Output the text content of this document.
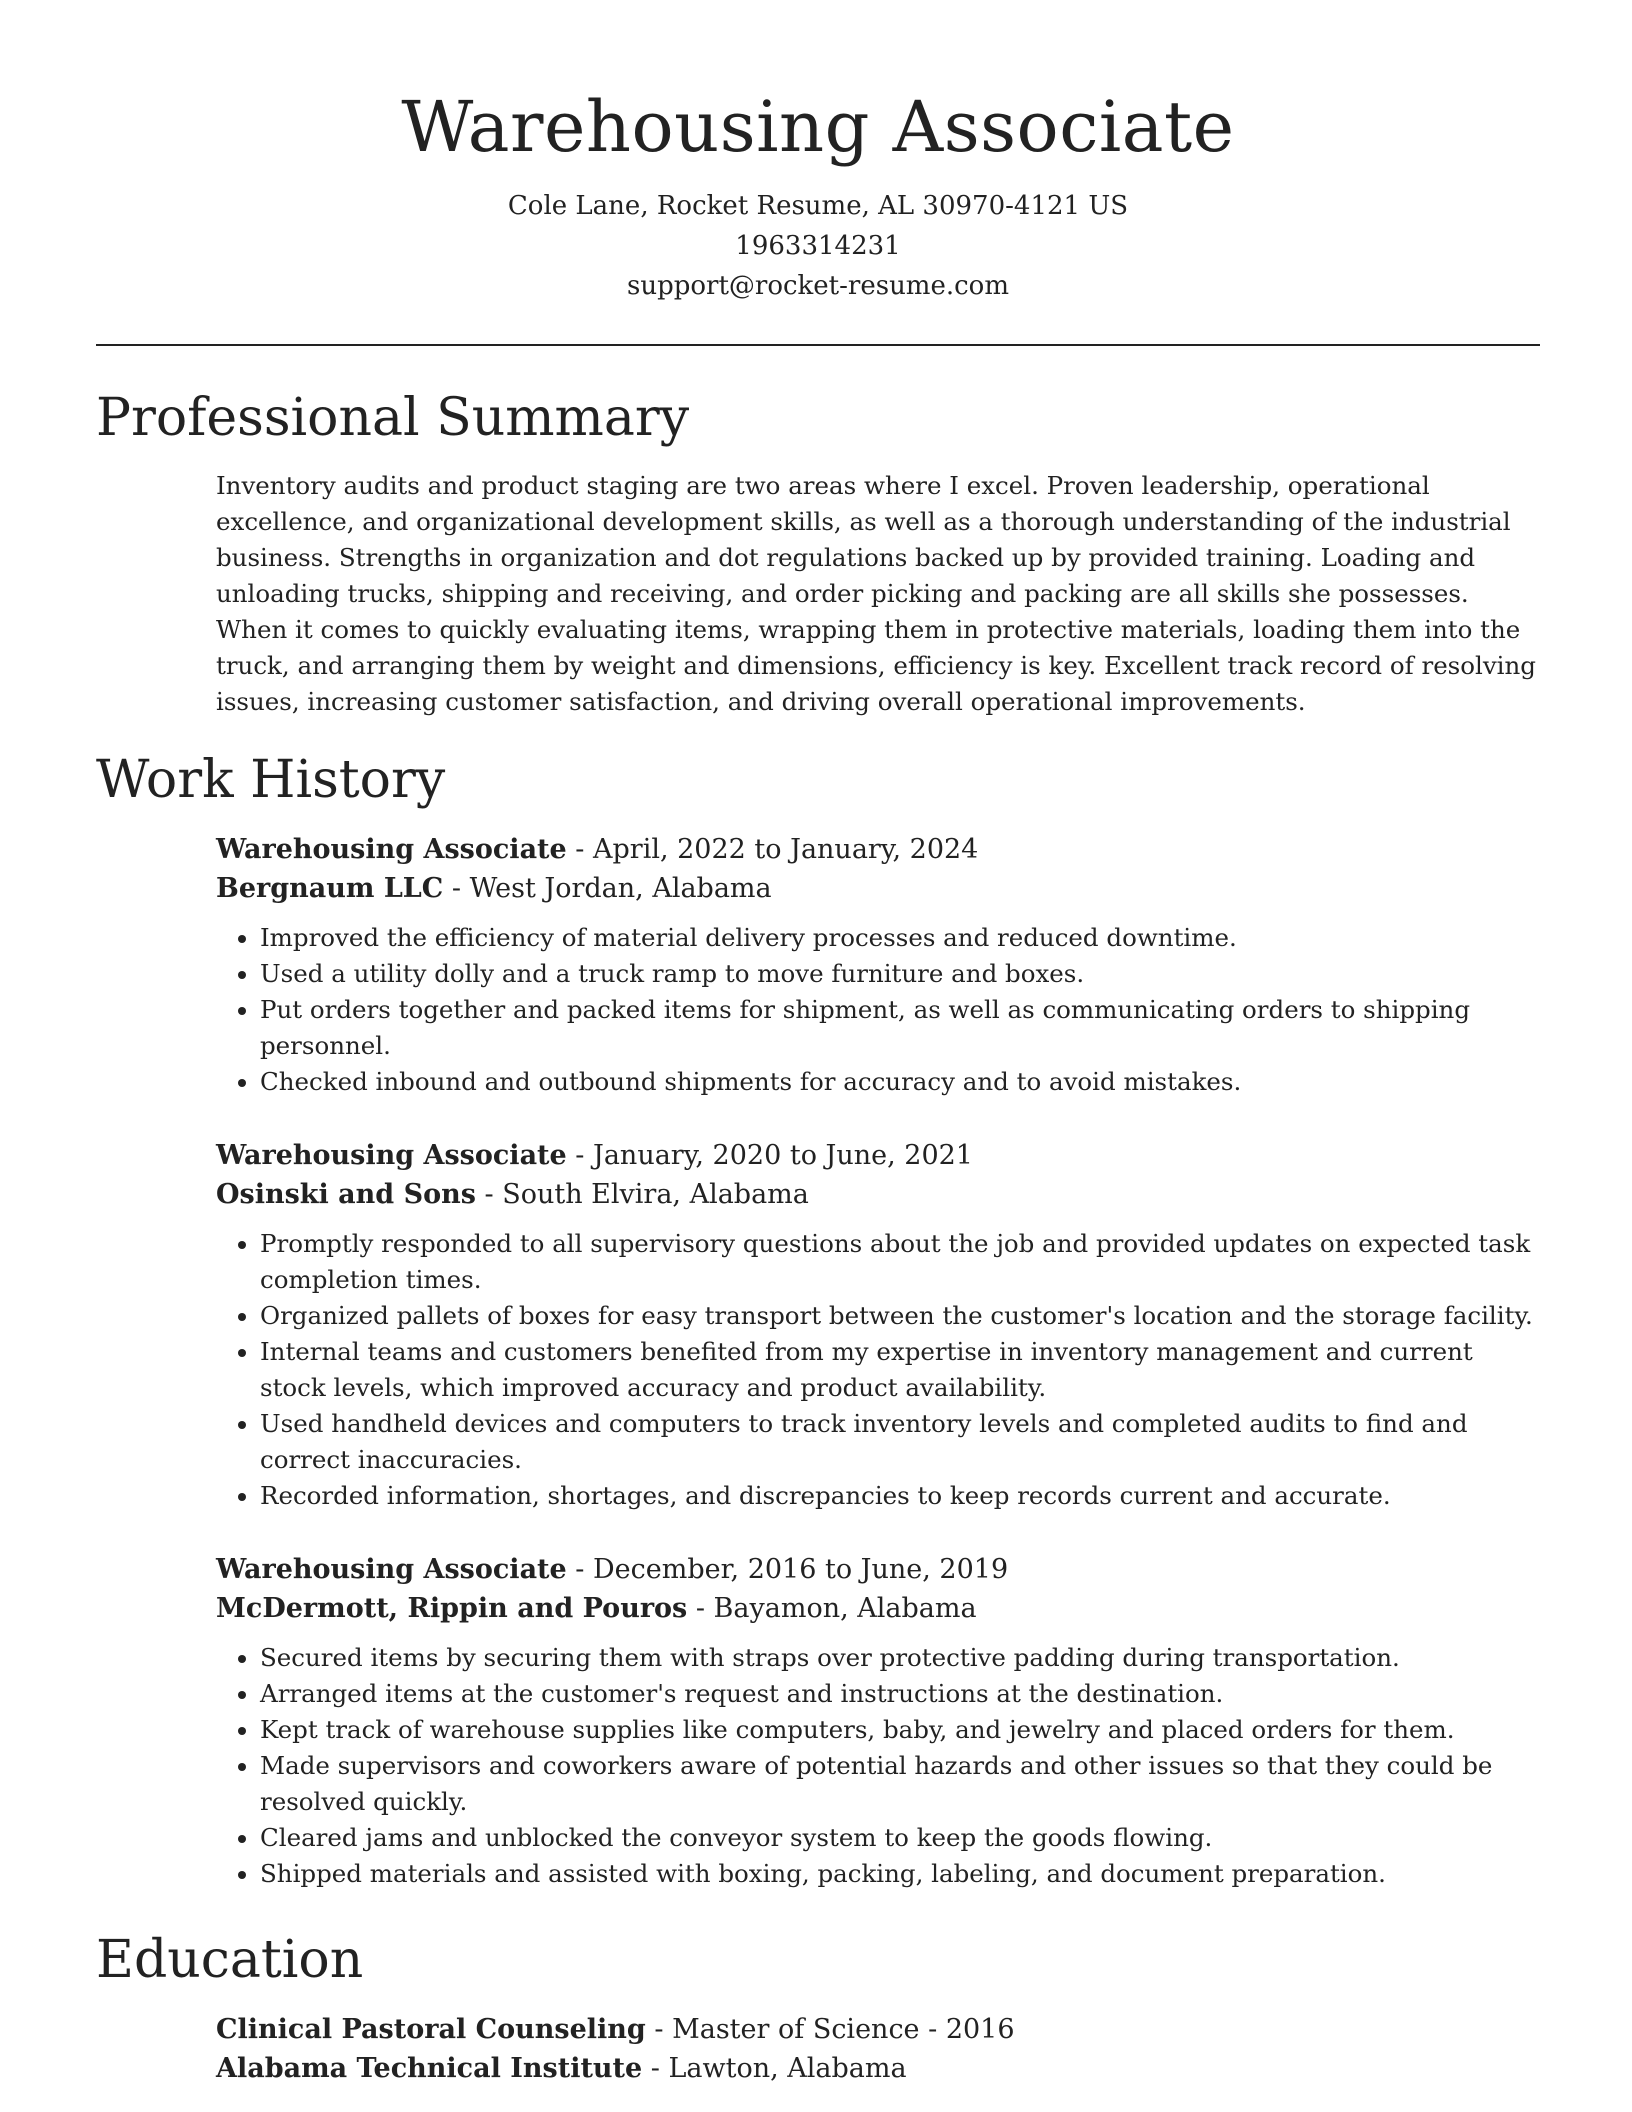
Warehousing Associate
Cole Lane, Rocket Resume, AL 30970-4121 US
1963314231
support@rocket-resume.com
Professional Summary

Inventory audits and product staging are two areas where I excel. Proven leadership, operational excellence, and organizational development skills, as well as a thorough understanding of the industrial business. Strengths in organization and dot regulations backed up by provided training. Loading and unloading trucks, shipping and receiving, and order picking and packing are all skills she possesses. When it comes to quickly evaluating items, wrapping them in protective materials, loading them into the truck, and arranging them by weight and dimensions, efficiency is key. Excellent track record of resolving issues, increasing customer satisfaction, and driving overall operational improvements.

Work History
Warehousing Associate - April, 2022 to January, 2024
Bergnaum LLC - West Jordan, Alabama
• Improved the efficiency of material delivery processes and reduced downtime.
• Used a utility dolly and a truck ramp to move furniture and boxes.
• Put orders together and packed items for shipment, as well as communicating orders to shipping personnel.
• Checked inbound and outbound shipments for accuracy and to avoid mistakes.
Warehousing Associate - January, 2020 to June, 2021
Osinski and Sons - South Elvira, Alabama
• Promptly responded to all supervisory questions about the job and provided updates on expected task completion times.
• Organized pallets of boxes for easy transport between the customer's location and the storage facility.
• Internal teams and customers benefited from my expertise in inventory management and current stock levels, which improved accuracy and product availability.
• Used handheld devices and computers to track inventory levels and completed audits to find and correct inaccuracies.
• Recorded information, shortages, and discrepancies to keep records current and accurate.
Warehousing Associate - December, 2016 to June, 2019
McDermott, Rippin and Pouros - Bayamon, Alabama
• Secured items by securing them with straps over protective padding during transportation.
• Arranged items at the customer's request and instructions at the destination.
• Kept track of warehouse supplies like computers, baby, and jewelry and placed orders for them.
• Made supervisors and coworkers aware of potential hazards and other issues so that they could be resolved quickly.
• Cleared jams and unblocked the conveyor system to keep the goods flowing.
• Shipped materials and assisted with boxing, packing, labeling, and document preparation.
Education
Clinical Pastoral Counseling - Master of Science - 2016
Alabama Technical Institute - Lawton, Alabama
